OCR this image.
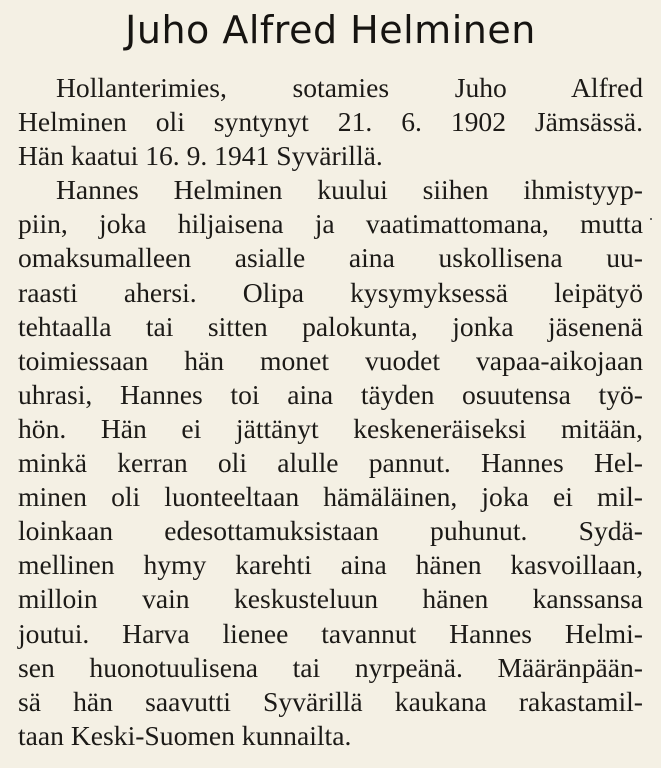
Juho Alfred Helminen
Hollanterimies, sotamies Juho Alfred
Helminen oli syntynyt 21. 6. 1902 Jämsässä.
Hän kaatui 16. 9. 1941 Syvärillä.
Hannes Helminen kuului siihen ihmistyyp-
piin, joka hiljaisena ja vaatimattomana, mutta
omaksumalleen asialle aina uskollisena uu-
raasti ahersi. Olipa kysymyksessä leipätyö
tehtaalla tai sitten palokunta, jonka jäsenenä
toimiessaan hän monet vuodet vapaa-aikojaan
uhrasi, Hannes toi aina täyden osuutensa työ-
hön. Hän ei jättänyt keskeneräiseksi mitään,
minkä kerran oli alulle pannut. Hannes Hel-
minen oli luonteeltaan hämäläinen, joka ei mil-
loinkaan edesottamuksistaan puhunut. Sydä-
mellinen hymy karehti aina hänen kasvoillaan,
milloin vain keskusteluun hänen kanssansa
joutui. Harva lienee tavannut Hannes Helmi-
sen huonotuulisena tai nyrpeänä. Määränpään-
sä hän saavutti Syvärillä kaukana rakastamil-
taan Keski-Suomen kunnailta.
